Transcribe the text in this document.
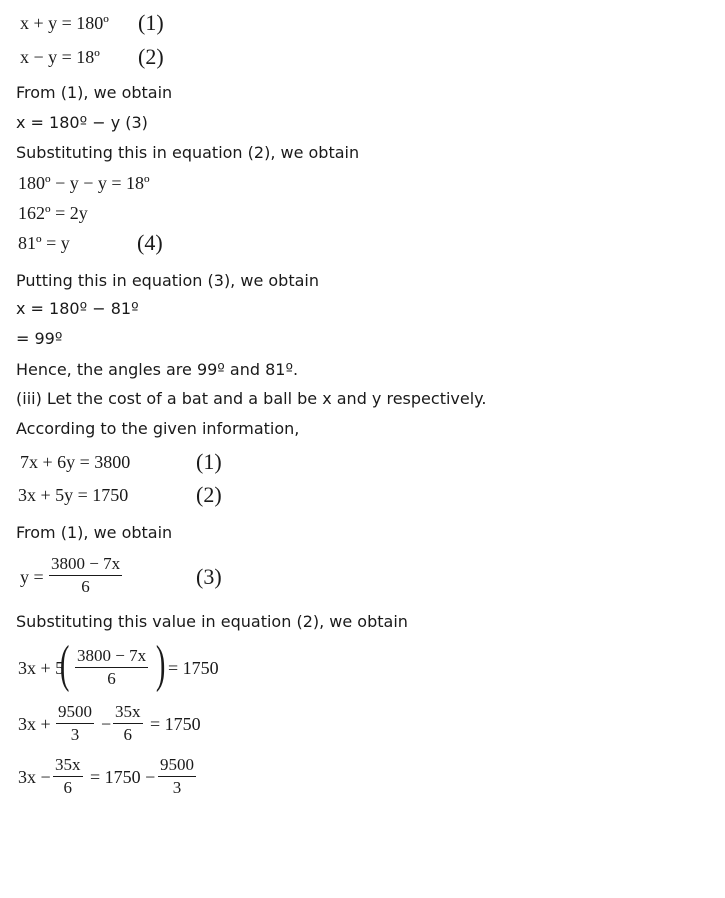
x + y = 180º (1)
x − y = 18º (2)
From (1), we obtain
x = 180º − y (3)
Substituting this in equation (2), we obtain
180º − y − y = 18º
162º = 2y
81º = y	(4)
Putting this in equation (3), we obtain
x = 180º − 81º
= 99º
Hence, the angles are 99º and 81º.
(iii) Let the cost of a bat and a ball be x and y respectively.
According to the given information,
7x + 6y = 3800	(1)
3x + 5y = 1750	(2)
From (1), we obtain
$y = \frac{3800 - 7x}{6}$	(3)
Substituting this value in equation (2), we obtain
3x + 5
( $\frac{3800 - 7x}{6}$ ) = 1750
$3x + \frac{9500}{3} - \frac{35x}{6} = 1750$
$3x - \frac{35x}{6} = 1750 - \frac{9500}{3}$
